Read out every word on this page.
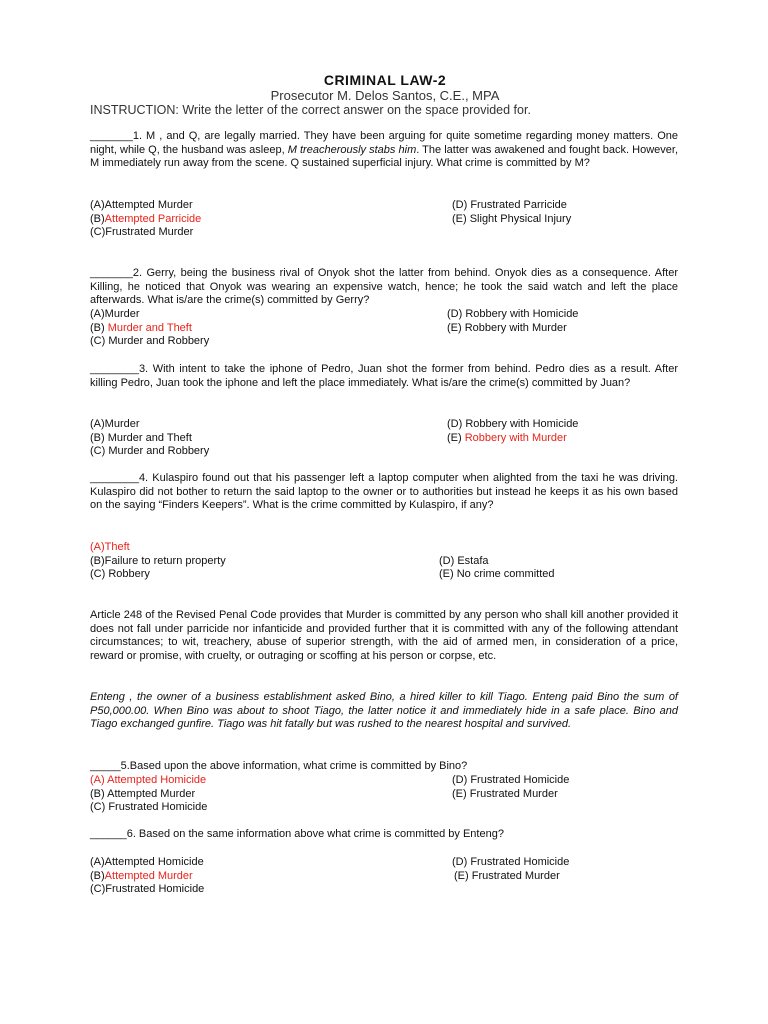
CRIMINAL LAW-2
Prosecutor M. Delos Santos, C.E., MPA
INSTRUCTION: Write the letter of the correct answer on the space provided for.
_______1. M , and Q, are legally married. They have been arguing for quite sometime regarding money matters. One night, while Q, the husband was asleep, M treacherously stabs him. The latter was awakened and fought back. However, M immediately run away from the scene. Q sustained superficial injury. What crime is committed by M?
(A)Attempted Murder	(D) Frustrated Parricide
(B)Attempted Parricide	(E) Slight Physical Injury
(C)Frustrated Murder
_______2. Gerry, being the business rival of Onyok shot the latter from behind. Onyok dies as a consequence. After Killing, he noticed that Onyok was wearing an expensive watch, hence; he took the said watch and left the place afterwards. What is/are the crime(s) committed by Gerry?
(A)Murder	(D) Robbery with Homicide
(B) Murder and Theft	(E) Robbery with Murder
(C) Murder and Robbery
________3. With intent to take the iphone of Pedro, Juan shot the former from behind. Pedro dies as a result. After killing Pedro, Juan took the iphone and left the place immediately. What is/are the crime(s) committed by Juan?
(A)Murder	(D) Robbery with Homicide
(B) Murder and Theft	(E) Robbery with Murder
(C) Murder and Robbery
________4. Kulaspiro found out that his passenger left a laptop computer when alighted from the taxi he was driving. Kulaspiro did not bother to return the said laptop to the owner or to authorities but instead he keeps it as his own based on the saying “Finders Keepers”. What is the crime committed by Kulaspiro, if any?
(A)Theft
(B)Failure to return property	(D) Estafa
(C) Robbery	(E) No crime committed
Article 248 of the Revised Penal Code provides that Murder is committed by any person who shall kill another provided it does not fall under parricide nor infanticide and provided further that it is committed with any of the following attendant circumstances; to wit, treachery, abuse of superior strength, with the aid of armed men, in consideration of a price, reward or promise, with cruelty, or outraging or scoffing at his person or corpse, etc.
Enteng , the owner of a business establishment asked Bino, a hired killer to kill Tiago. Enteng paid Bino the sum of P50,000.00. When Bino was about to shoot Tiago, the latter notice it and immediately hide in a safe place. Bino and Tiago exchanged gunfire. Tiago was hit fatally but was rushed to the nearest hospital and survived.
_____5.Based upon the above information, what crime is committed by Bino?
(A) Attempted Homicide	(D) Frustrated Homicide
(B) Attempted Murder	(E) Frustrated Murder
(C) Frustrated Homicide
______6. Based on the same information above what crime is committed by Enteng?
(A)Attempted Homicide	(D) Frustrated Homicide
(B)Attempted Murder	(E) Frustrated Murder
(C)Frustrated Homicide
